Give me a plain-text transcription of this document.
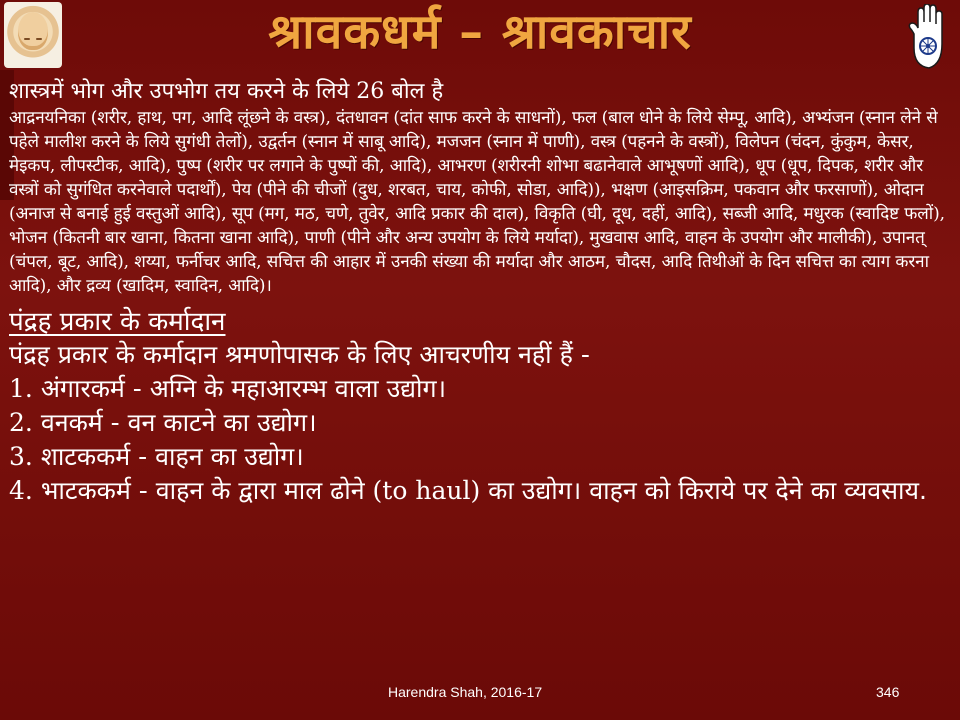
श्रावकधर्म – श्रावकाचार

शास्त्रमें भोग और उपभोग तय करने के लिये 26 बोल है

आद्रनयनिका (शरीर, हाथ, पग, आदि लूंछने के वस्त्र), दंतधावन (दांत साफ करने के साधनों), फल (बाल धोने के लिये सेम्पू, आदि), अभ्यंजन (स्नान लेने से पहेले मालीश करने के लिये सुगंधी तेलों), उद्वर्तन (स्नान में साबू आदि), मजजन (स्नान में पाणी), वस्त्र (पहनने के वस्त्रों), विलेपन (चंदन, कुंकुम, केसर, मेइकप, लीपस्टीक, आदि), पुष्प (शरीर पर लगाने के पुष्पों की, आदि), आभरण (शरीरनी शोभा बढानेवाले आभूषणों आदि), धूप (धूप, दिपक, शरीर और वस्त्रों को सुगंधित करनेवाले पदार्थों), पेय (पीने की चीजों (दुध, शरबत, चाय, कोफी, सोडा, आदि)), भक्षण (आइसक्रिम, पकवान और फरसाणों), ओदान (अनाज से बनाई हुई वस्तुओं आदि), सूप (मग, मठ, चणे, तुवेर, आदि प्रकार की दाल), विकृति (घी, दूध, दहीं, आदि), सब्जी आदि, मधुरक (स्वादिष्ट फलों), भोजन (कितनी बार खाना, कितना खाना आदि), पाणी (पीने और अन्य उपयोग के लिये मर्यादा), मुखवास आदि, वाहन के उपयोग और मालीकी), उपानत् (चंपल, बूट, आदि), शय्या, फर्नीचर आदि, सचित्त की आहार में उनकी संख्या की मर्यादा और आठम, चौदस, आदि तिथीओं के दिन सचित्त का त्याग करना आदि), और द्रव्य (खादिम, स्वादिन, आदि)।

पंद्रह प्रकार के कर्मादान

पंद्रह प्रकार के कर्मादान श्रमणोपासक के लिए आचरणीय नहीं हैं -

1. अंगारकर्म - अग्नि के महाआरम्भ वाला उद्योग।

2. वनकर्म - वन काटने का उद्योग।

3. शाटककर्म - वाहन का उद्योग।

4. भाटककर्म - वाहन के द्वारा माल ढोने (to haul) का उद्योग। वाहन को किराये पर देने का व्यवसाय.

Harendra Shah, 2016-17	346
